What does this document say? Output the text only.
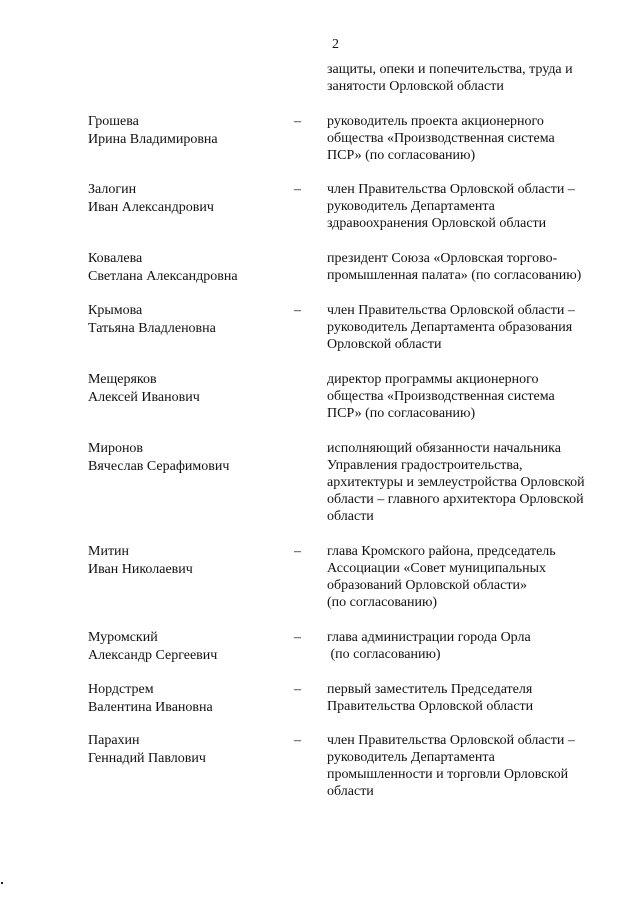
2
защиты, опеки и попечительства, труда и
занятости Орловской области
Грошева
Ирина Владимировна
– руководитель проекта акционерного
общества «Производственная система
ПСР» (по согласованию)
Залогин
Иван Александрович
– член Правительства Орловской области –
руководитель Департамента
здравоохранения Орловской области
Ковалева
Светлана Александровна
президент Союза «Орловская торгово-
промышленная палата» (по согласованию)
Крымова
Татьяна Владленовна
– член Правительства Орловской области –
руководитель Департамента образования
Орловской области
Мещеряков
Алексей Иванович
директор программы акционерного
общества «Производственная система
ПСР» (по согласованию)
Миронов
Вячеслав Серафимович
исполняющий обязанности начальника
Управления градостроительства,
архитектуры и землеустройства Орловской
области – главного архитектора Орловской
области
Митин
Иван Николаевич
– глава Кромского района, председатель
Ассоциации «Совет муниципальных
образований Орловской области»
(по согласованию)
Муромский
Александр Сергеевич
– глава администрации города Орла
(по согласованию)
Нордстрем
Валентина Ивановна
– первый заместитель Председателя
Правительства Орловской области
Парахин
Геннадий Павлович
– член Правительства Орловской области –
руководитель Департамента
промышленности и торговли Орловской
области
